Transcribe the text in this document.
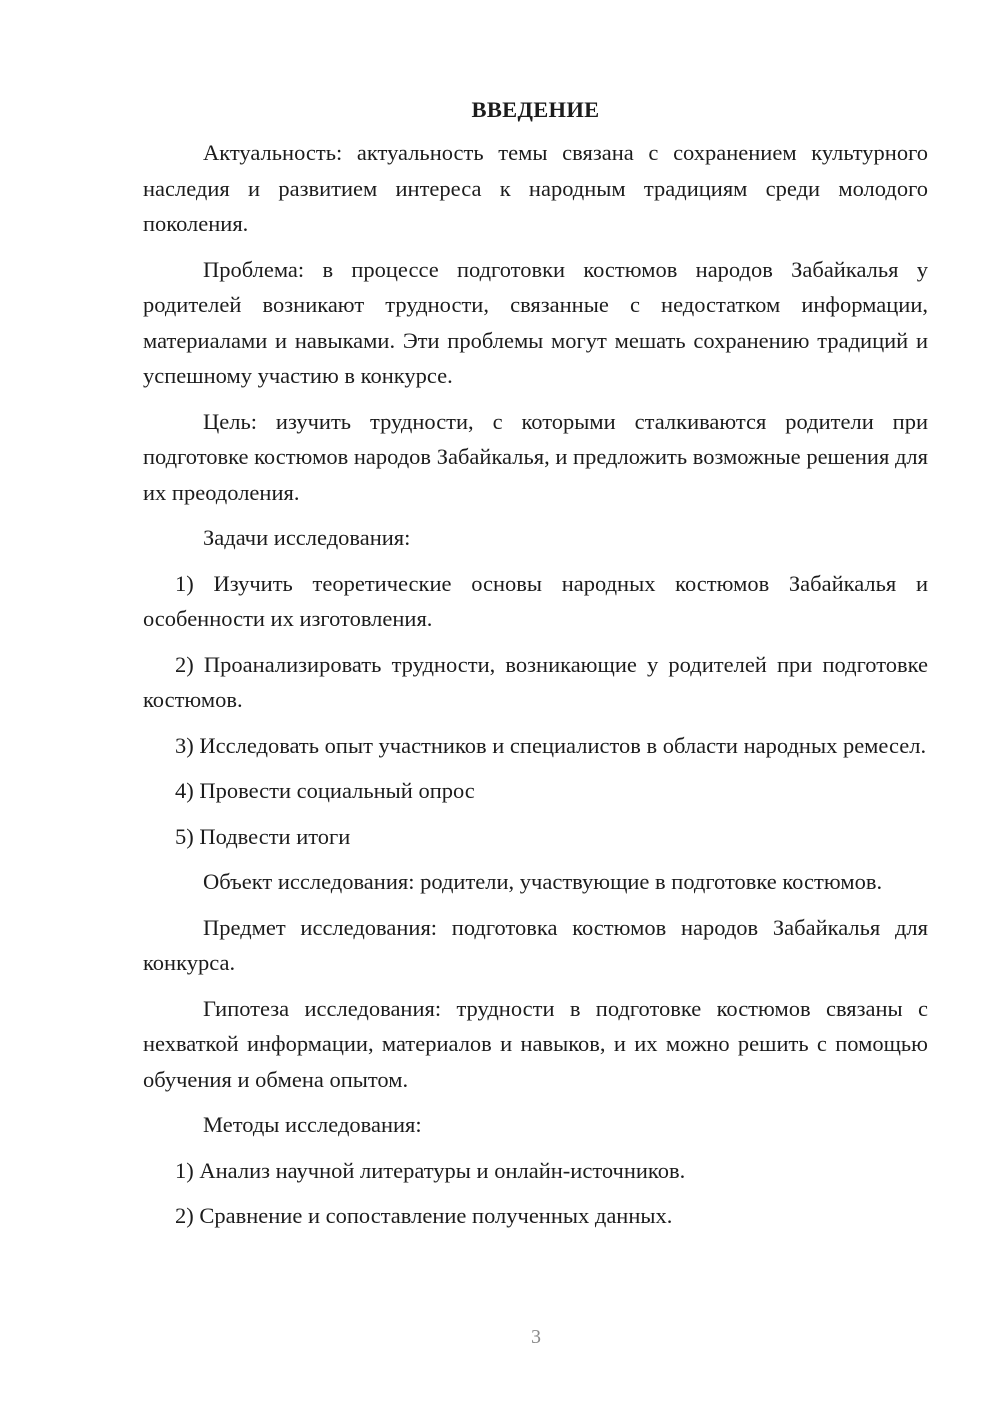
ВВЕДЕНИЕ

Актуальность: актуальность темы связана с сохранением культурного наследия и развитием интереса к народным традициям среди молодого поколения.

Проблема: в процессе подготовки костюмов народов Забайкалья у родителей возникают трудности, связанные с недостатком информации, материалами и навыками. Эти проблемы могут мешать сохранению традиций и успешному участию в конкурсе.

Цель: изучить трудности, с которыми сталкиваются родители при подготовке костюмов народов Забайкалья, и предложить возможные решения для их преодоления.

Задачи исследования:

1) Изучить теоретические основы народных костюмов Забайкалья и особенности их изготовления.

2) Проанализировать трудности, возникающие у родителей при подготовке костюмов.

3) Исследовать опыт участников и специалистов в области народных ремесел.

4) Провести социальный опрос

5) Подвести итоги

Объект исследования: родители, участвующие в подготовке костюмов.

Предмет исследования: подготовка костюмов народов Забайкалья для конкурса.

Гипотеза исследования: трудности в подготовке костюмов связаны с нехваткой информации, материалов и навыков, и их можно решить с помощью обучения и обмена опытом.

Методы исследования:

1) Анализ научной литературы и онлайн-источников.

2) Сравнение и сопоставление полученных данных.

3
